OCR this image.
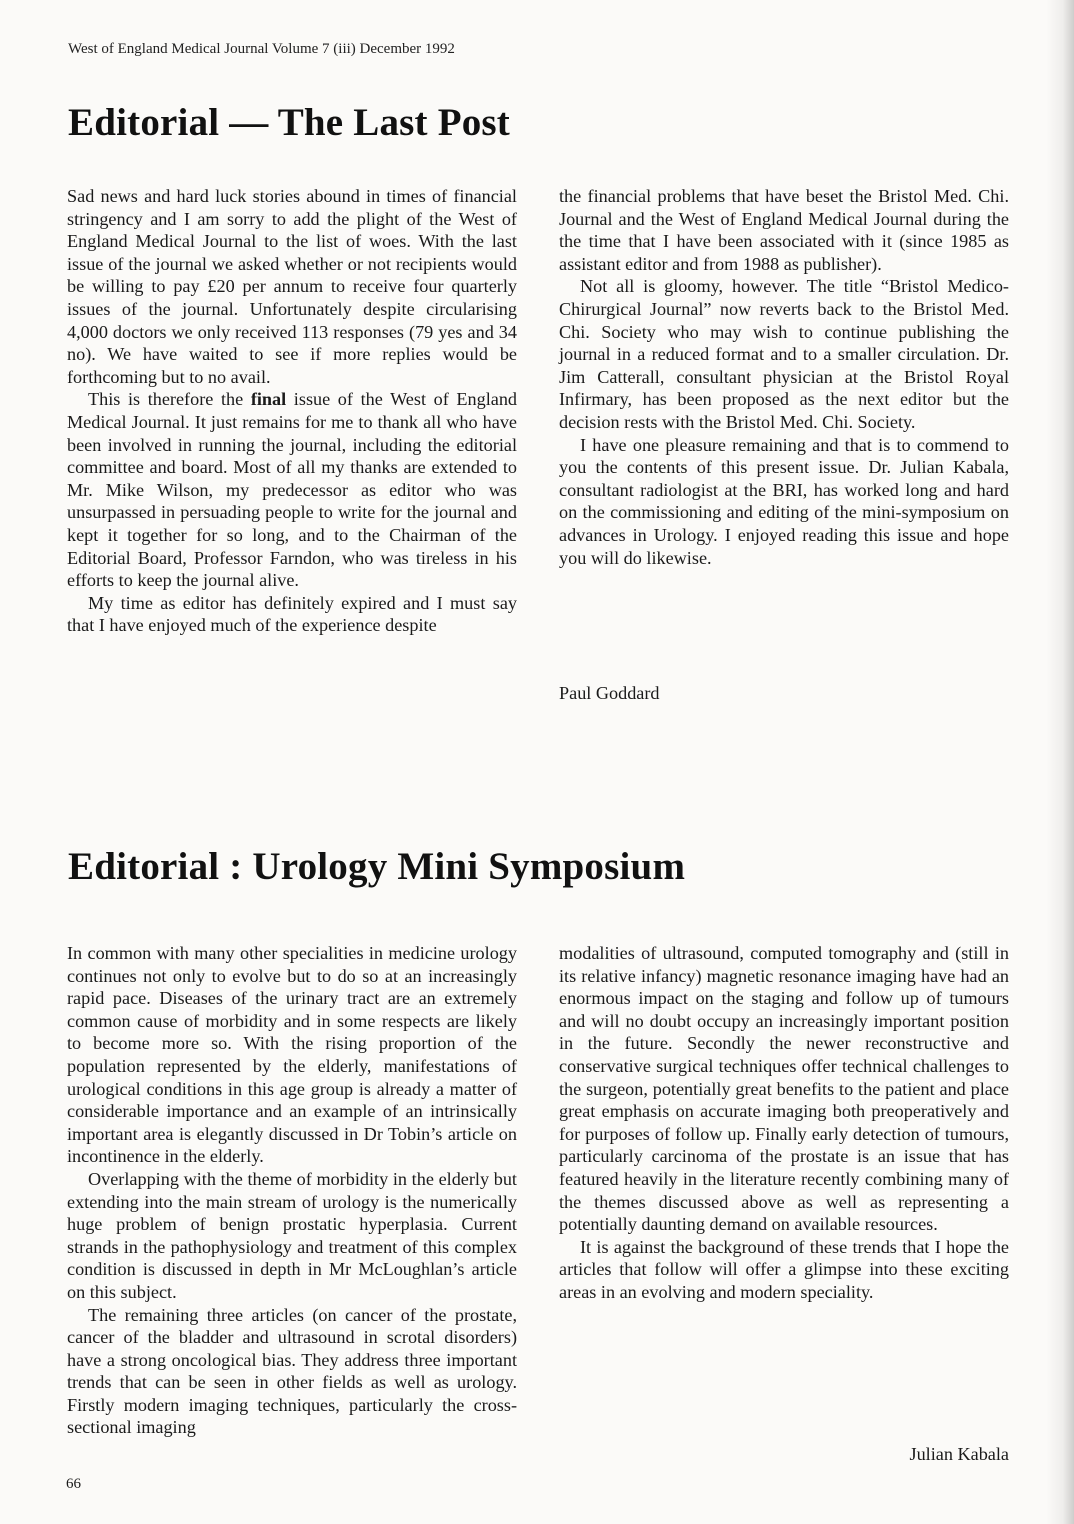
West of England Medical Journal Volume 7 (iii) December 1992
Editorial — The Last Post

Sad news and hard luck stories abound in times of financial stringency and I am sorry to add the plight of the West of England Medical Journal to the list of woes. With the last issue of the journal we asked whether or not recipients would be willing to pay £20 per annum to receive four quarterly issues of the journal. Unfortunately despite circularising 4,000 doctors we only received 113 responses (79 yes and 34 no). We have waited to see if more replies would be forthcoming but to no avail.

This is therefore the final issue of the West of England Medical Journal. It just remains for me to thank all who have been involved in running the journal, including the editorial committee and board. Most of all my thanks are extended to Mr. Mike Wilson, my predecessor as editor who was unsurpassed in persuading people to write for the journal and kept it together for so long, and to the Chairman of the Editorial Board, Professor Farndon, who was tireless in his efforts to keep the journal alive.

My time as editor has definitely expired and I must say that I have enjoyed much of the experience despite

the financial problems that have beset the Bristol Med. Chi. Journal and the West of England Medical Journal during the the time that I have been associated with it (since 1985 as assistant editor and from 1988 as publisher).

Not all is gloomy, however. The title “Bristol Medico-Chirurgical Journal” now reverts back to the Bristol Med. Chi. Society who may wish to continue publishing the journal in a reduced format and to a smaller circulation. Dr. Jim Catterall, consultant physician at the Bristol Royal Infirmary, has been proposed as the next editor but the decision rests with the Bristol Med. Chi. Society.

I have one pleasure remaining and that is to commend to you the contents of this present issue. Dr. Julian Kabala, consultant radiologist at the BRI, has worked long and hard on the commissioning and editing of the mini-symposium on advances in Urology. I enjoyed reading this issue and hope you will do likewise.

Paul Goddard
Editorial : Urology Mini Symposium

In common with many other specialities in medicine urology continues not only to evolve but to do so at an increasingly rapid pace. Diseases of the urinary tract are an extremely common cause of morbidity and in some respects are likely to become more so. With the rising proportion of the population represented by the elderly, manifestations of urological conditions in this age group is already a matter of considerable importance and an example of an intrinsically important area is elegantly discussed in Dr Tobin’s article on incontinence in the elderly.

Overlapping with the theme of morbidity in the elderly but extending into the main stream of urology is the numerically huge problem of benign prostatic hyperplasia. Current strands in the pathophysiology and treatment of this complex condition is discussed in depth in Mr McLoughlan’s article on this subject.

The remaining three articles (on cancer of the prostate, cancer of the bladder and ultrasound in scrotal disorders) have a strong oncological bias. They address three important trends that can be seen in other fields as well as urology. Firstly modern imaging techniques, particularly the cross-sectional imaging

modalities of ultrasound, computed tomography and (still in its relative infancy) magnetic resonance imaging have had an enormous impact on the staging and follow up of tumours and will no doubt occupy an increasingly important position in the future. Secondly the newer reconstructive and conservative surgical techniques offer technical challenges to the surgeon, potentially great benefits to the patient and place great emphasis on accurate imaging both preoperatively and for purposes of follow up. Finally early detection of tumours, particularly carcinoma of the prostate is an issue that has featured heavily in the literature recently combining many of the themes discussed above as well as representing a potentially daunting demand on available resources.

It is against the background of these trends that I hope the articles that follow will offer a glimpse into these exciting areas in an evolving and modern speciality.

Julian Kabala
66
